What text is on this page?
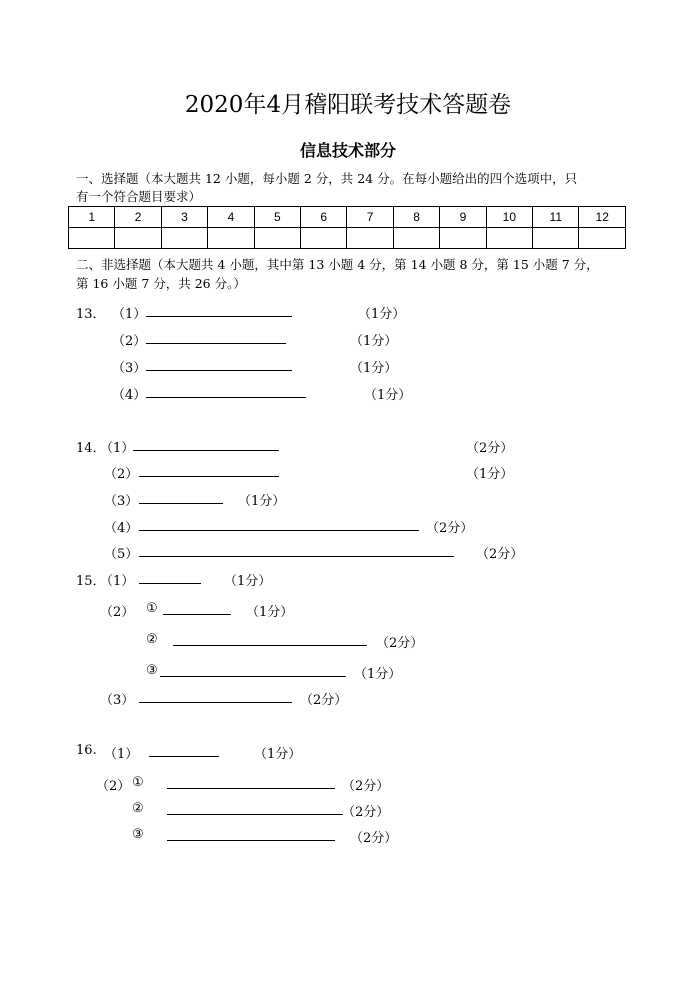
2020年4月稽阳联考技术答题卷
信息技术部分
一、选择题（本大题共 12 小题，每小题 2 分，共 24 分。在每小题给出的四个选项中，只
有一个符合题目要求）
1	2	3	4	5	6	7	8	9	10	11	12

二、非选择题（本大题共 4 小题，其中第 13 小题 4 分，第 14 小题 8 分，第 15 小题 7 分，
第 16 小题 7 分，共 26 分。）
13． （1）	（1分）
（2）	（1分）
（3）	（1分）
（4）	（1分）
14．
（1）	（2分）
（2）	（1分）
（3）	（1分）
（4）	（2分）
（5）	（2分）
15．
（1）	（1分）
（2） ①	（1分）
②	（2分）
③	（1分）
（3）	（2分）
16. （1）	（1分）
（2） ①	（2分）
②	（2分）
③	（2分）
